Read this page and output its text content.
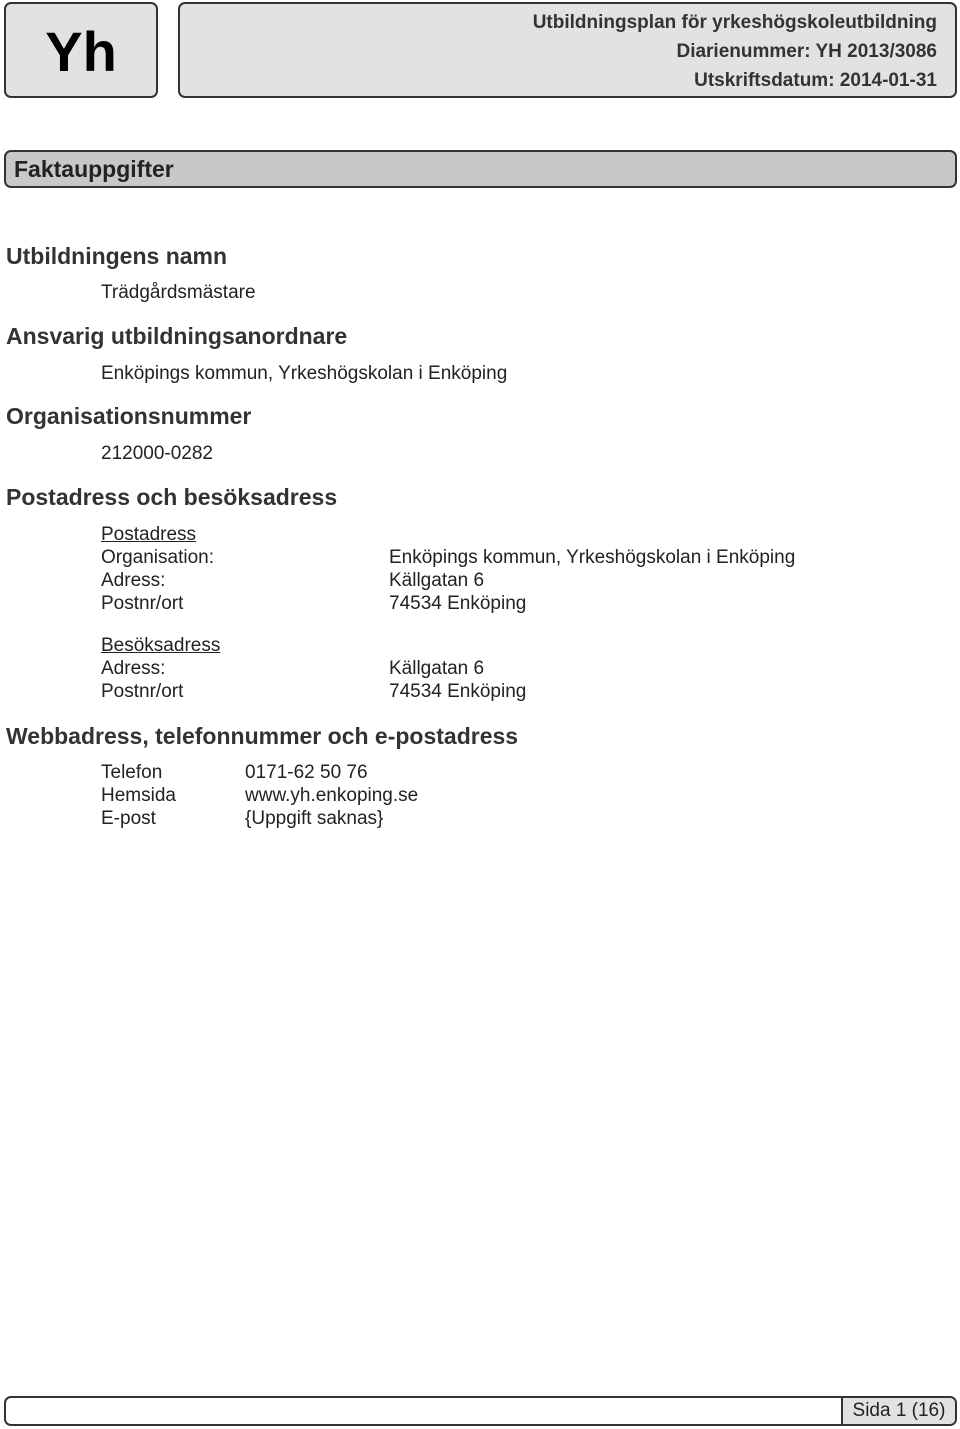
Yh	Utbildningsplan för yrkeshögskoleutbildning
Diarienummer: YH 2013/3086
Utskriftsdatum: 2014-01-31
Faktauppgifter
Utbildningens namn
Trädgårdsmästare
Ansvarig utbildningsanordnare
Enköpings kommun, Yrkeshögskolan i Enköping
Organisationsnummer
212000-0282
Postadress och besöksadress
Postadress
Organisation:	Enköpings kommun, Yrkeshögskolan i Enköping
Adress:	Källgatan 6
Postnr/ort	74534 Enköping
Besöksadress
Adress:	Källgatan 6
Postnr/ort	74534 Enköping
Webbadress, telefonnummer och e-postadress
Telefon	0171-62 50 76
Hemsida	www.yh.enkoping.se
E-post	{Uppgift saknas}
Sida 1 (16)
